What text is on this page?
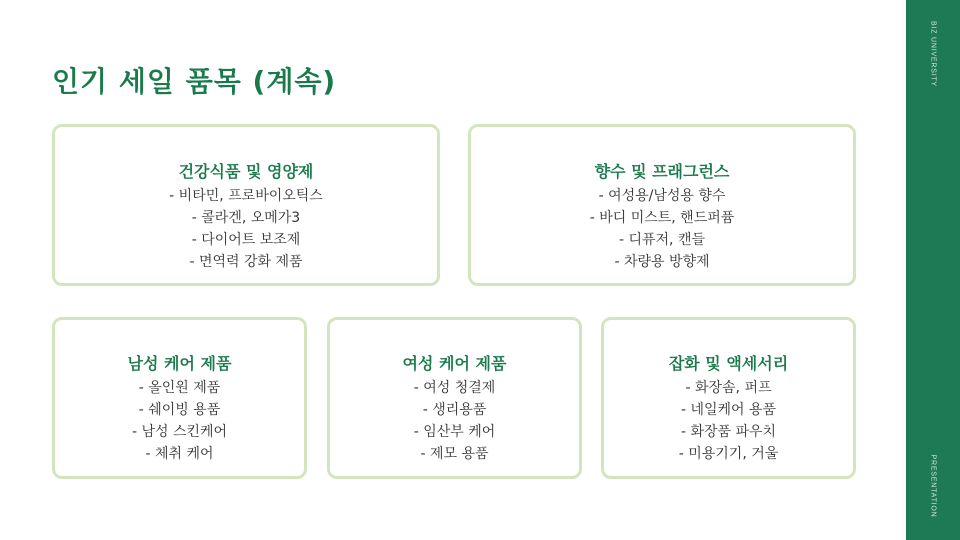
인기 세일 품목 (계속)	BIZ UNIVERSITY
PRESENTATION
건강식품 및 영양제
- 비타민, 프로바이오틱스
- 콜라겐, 오메가3
- 다이어트 보조제
- 면역력 강화 제품
향수 및 프래그런스
- 여성용/남성용 향수
- 바디 미스트, 핸드퍼퓸
- 디퓨저, 캔들
- 차량용 방향제
남성 케어 제품
- 올인원 제품
- 쉐이빙 용품
- 남성 스킨케어
- 체취 케어
여성 케어 제품
- 여성 청결제
- 생리용품
- 임산부 케어
- 제모 용품
잡화 및 액세서리
- 화장솜, 퍼프
- 네일케어 용품
- 화장품 파우치
- 미용기기, 거울
